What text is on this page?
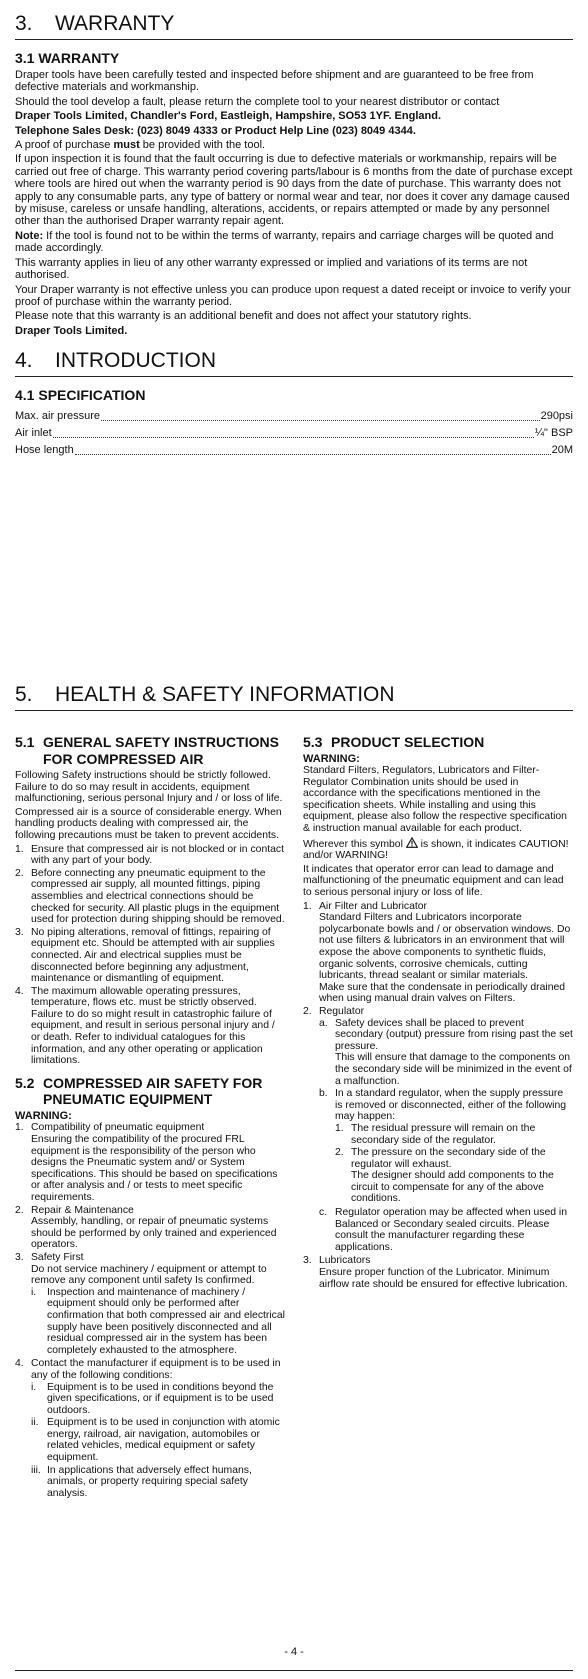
3. WARRANTY
3.1 WARRANTY

Draper tools have been carefully tested and inspected before shipment and are guaranteed to be free from defective materials and workmanship.

Should the tool develop a fault, please return the complete tool to your nearest distributor or contact

Draper Tools Limited, Chandler's Ford, Eastleigh, Hampshire, SO53 1YF. England.

Telephone Sales Desk: (023) 8049 4333 or Product Help Line (023) 8049 4344.

A proof of purchase must be provided with the tool.

If upon inspection it is found that the fault occurring is due to defective materials or workmanship, repairs will be carried out free of charge. This warranty period covering parts/labour is 6 months from the date of purchase except where tools are hired out when the warranty period is 90 days from the date of purchase. This warranty does not apply to any consumable parts, any type of battery or normal wear and tear, nor does it cover any damage caused by misuse, careless or unsafe handling, alterations, accidents, or repairs attempted or made by any personnel other than the authorised Draper warranty repair agent.

Note: If the tool is found not to be within the terms of warranty, repairs and carriage charges will be quoted and made accordingly.

This warranty applies in lieu of any other warranty expressed or implied and variations of its terms are not authorised.

Your Draper warranty is not effective unless you can produce upon request a dated receipt or invoice to verify your proof of purchase within the warranty period.

Please note that this warranty is an additional benefit and does not affect your statutory rights.

Draper Tools Limited.

4. INTRODUCTION
4.1 SPECIFICATION
Max. air pressure	290psi
Air inlet	¼" BSP
Hose length	20M
5. HEALTH & SAFETY INFORMATION
5.1 GENERAL SAFETY INSTRUCTIONS FOR COMPRESSED AIR

Following Safety instructions should be strictly followed. Failure to do so may result in accidents, equipment malfunctioning, serious personal Injury and / or loss of life.

Compressed air is a source of considerable energy. When handling products dealing with compressed air, the following precautions must be taken to prevent accidents.

1. Ensure that compressed air is not blocked or in contact with any part of your body.
2. Before connecting any pneumatic equipment to the compressed air supply, all mounted fittings, piping assemblies and electrical connections should be checked for security. All plastic plugs in the equipment used for protection during shipping should be removed.
3. No piping alterations, removal of fittings, repairing of equipment etc. Should be attempted with air supplies connected. Air and electrical supplies must be disconnected before beginning any adjustment, maintenance or dismantling of equipment.
4. The maximum allowable operating pressures, temperature, flows etc. must be strictly observed. Failure to do so might result in catastrophic failure of equipment, and result in serious personal injury and / or death. Refer to individual catalogues for this information, and any other operating or application limitations.
5.2 COMPRESSED AIR SAFETY FOR PNEUMATIC EQUIPMENT

WARNING:

1. Compatibility of pneumatic equipment
Ensuring the compatibility of the procured FRL equipment is the responsibility of the person who designs the Pneumatic system and/ or System specifications. This should be based on specifications or after analysis and / or tests to meet specific requirements.
2. Repair & Maintenance
Assembly, handling, or repair of pneumatic systems should be performed by only trained and experienced operators.
3. Safety First
Do not service machinery / equipment or attempt to remove any component until safety Is confirmed.
i.	Inspection and maintenance of machinery / equipment should only be performed after confirmation that both compressed air and electrical supply have been positively disconnected and all residual compressed air in the system has been completely exhausted to the atmosphere.
4. Contact the manufacturer if equipment is to be used in any of the following conditions:
i.	Equipment is to be used in conditions beyond the given specifications, or if equipment is to be used outdoors.
ii. Equipment is to be used in conjunction with atomic energy, railroad, air navigation, automobiles or related vehicles, medical equipment or safety equipment.
iii. In applications that adversely effect humans, animals, or property requiring special safety analysis.
5.3 PRODUCT SELECTION

WARNING:

Standard Filters, Regulators, Lubricators and Filter- Regulator Combination units should be used in accordance with the specifications mentioned in the specification sheets. While installing and using this equipment, please also follow the respective specification & instruction manual available for each product.

Wherever this symbol  is shown, it indicates CAUTION! and/or WARNING!

It indicates that operator error can lead to damage and malfunctioning of the pneumatic equipment and can lead to serious personal injury or loss of life.

1. Air Filter and Lubricator
Standard Filters and Lubricators incorporate polycarbonate bowls and / or observation windows. Do not use filters & lubricators in an environment that will expose the above components to synthetic fluids, organic solvents, corrosive chemicals, cutting lubricants, thread sealant or similar materials.
Make sure that the condensate in periodically drained when using manual drain valves on Filters.
2. Regulator
a. Safety devices shall be placed to prevent secondary (output) pressure from rising past the set pressure.
This will ensure that damage to the components on the secondary side will be minimized in the event of a malfunction.
b. In a standard regulator, when the supply pressure is removed or disconnected, either of the following may happen:
1. The residual pressure will remain on the secondary side of the regulator.
2. The pressure on the secondary side of the regulator will exhaust.
The designer should add components to the circuit to compensate for any of the above conditions.
c. Regulator operation may be affected when used in Balanced or Secondary sealed circuits. Please consult the manufacturer regarding these applications.
3. Lubricators
Ensure proper function of the Lubricator. Minimum airflow rate should be ensured for effective lubrication.
- 4 -
